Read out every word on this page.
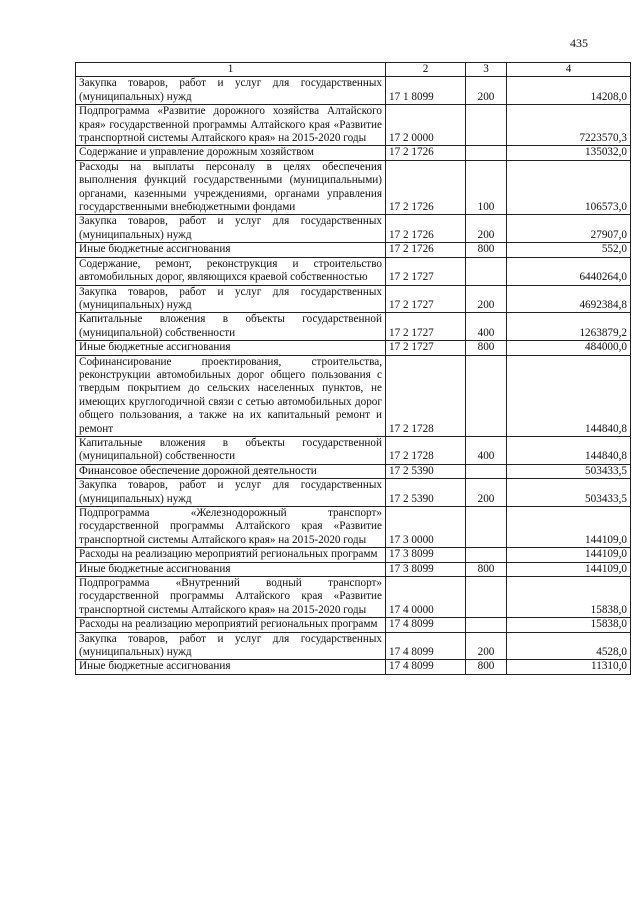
435
1	2	3	4
Закупка товаров, работ и услуг для государственных (муниципальных) нужд	17 1 8099	200	14208,0
Подпрограмма «Развитие дорожного хозяйства Алтайского края» государственной программы Алтайского края «Развитие транспортной системы Алтайского края» на 2015-2020 годы	17 2 0000		7223570,3
Содержание и управление дорожным хозяйством	17 2 1726		135032,0
Расходы на выплаты персоналу в целях обеспечения выполнения функций государственными (муниципальными) органами, казенными учреждениями, органами управления государственными внебюджетными фондами	17 2 1726	100	106573,0
Закупка товаров, работ и услуг для государственных (муниципальных) нужд	17 2 1726	200	27907,0
Иные бюджетные ассигнования	17 2 1726	800	552,0
Содержание, ремонт, реконструкция и строительство автомобильных дорог, являющихся краевой собственностью	17 2 1727		6440264,0
Закупка товаров, работ и услуг для государственных (муниципальных) нужд	17 2 1727	200	4692384,8
Капитальные вложения в объекты государственной (муниципальной) собственности	17 2 1727	400	1263879,2
Иные бюджетные ассигнования	17 2 1727	800	484000,0
Софинансирование проектирования, строительства, реконструкции автомобильных дорог общего пользования с твердым покрытием до сельских населенных пунктов, не имеющих круглогодичной связи с сетью автомобильных дорог общего пользования, а также на их капитальный ремонт и ремонт	17 2 1728		144840,8
Капитальные вложения в объекты государственной (муниципальной) собственности	17 2 1728	400	144840,8
Финансовое обеспечение дорожной деятельности	17 2 5390		503433,5
Закупка товаров, работ и услуг для государственных (муниципальных) нужд	17 2 5390	200	503433,5
Подпрограмма «Железнодорожный транспорт» государственной программы Алтайского края «Развитие транспортной системы Алтайского края» на 2015-2020 годы	17 3 0000		144109,0
Расходы на реализацию мероприятий региональных программ	17 3 8099		144109,0
Иные бюджетные ассигнования	17 3 8099	800	144109,0
Подпрограмма «Внутренний водный транспорт» государственной программы Алтайского края «Развитие транспортной системы Алтайского края» на 2015-2020 годы	17 4 0000		15838,0
Расходы на реализацию мероприятий региональных программ	17 4 8099		15838,0
Закупка товаров, работ и услуг для государственных (муниципальных) нужд	17 4 8099	200	4528,0
Иные бюджетные ассигнования	17 4 8099	800	11310,0
